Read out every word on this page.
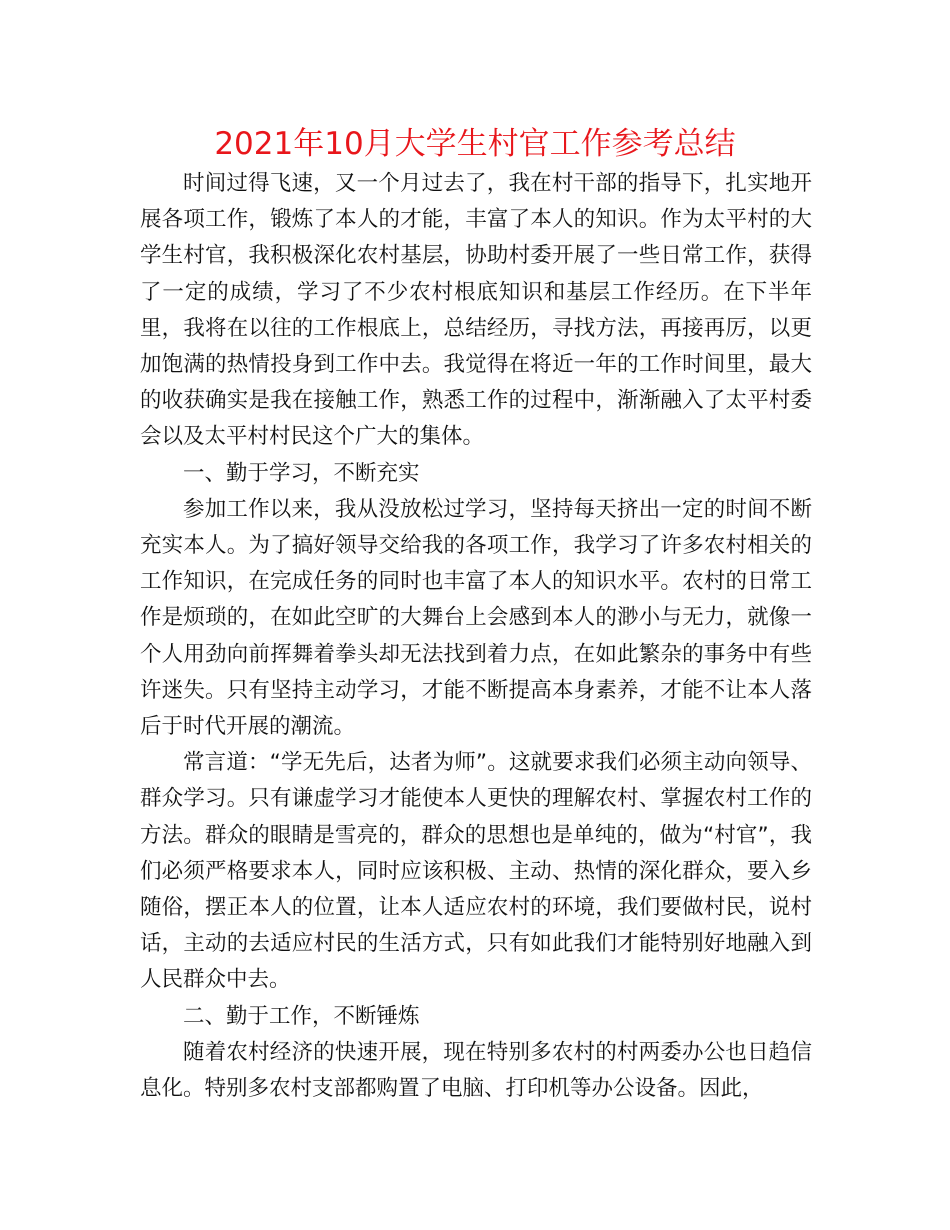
2021年10月大学生村官工作参考总结

时间过得飞速，又一个月过去了，我在村干部的指导下，扎实地开展各项工作，锻炼了本人的才能，丰富了本人的知识。作为太平村的大学生村官，我积极深化农村基层，协助村委开展了一些日常工作，获得了一定的成绩，学习了不少农村根底知识和基层工作经历。在下半年里，我将在以往的工作根底上，总结经历，寻找方法，再接再厉，以更加饱满的热情投身到工作中去。我觉得在将近一年的工作时间里，最大的收获确实是我在接触工作，熟悉工作的过程中，渐渐融入了太平村委会以及太平村村民这个广大的集体。

一、勤于学习，不断充实

参加工作以来，我从没放松过学习，坚持每天挤出一定的时间不断充实本人。为了搞好领导交给我的各项工作，我学习了许多农村相关的工作知识，在完成任务的同时也丰富了本人的知识水平。农村的日常工作是烦琐的，在如此空旷的大舞台上会感到本人的渺小与无力，就像一个人用劲向前挥舞着拳头却无法找到着力点，在如此繁杂的事务中有些许迷失。只有坚持主动学习，才能不断提高本身素养，才能不让本人落后于时代开展的潮流。

常言道：“学无先后，达者为师”。这就要求我们必须主动向领导、群众学习。只有谦虚学习才能使本人更快的理解农村、掌握农村工作的方法。群众的眼睛是雪亮的，群众的思想也是单纯的，做为“村官”，我们必须严格要求本人，同时应该积极、主动、热情的深化群众，要入乡随俗，摆正本人的位置，让本人适应农村的环境，我们要做村民，说村话，主动的去适应村民的生活方式，只有如此我们才能特别好地融入到人民群众中去。

二、勤于工作，不断锤炼

随着农村经济的快速开展，现在特别多农村的村两委办公也日趋信息化。特别多农村支部都购置了电脑、打印机等办公设备。因此，
